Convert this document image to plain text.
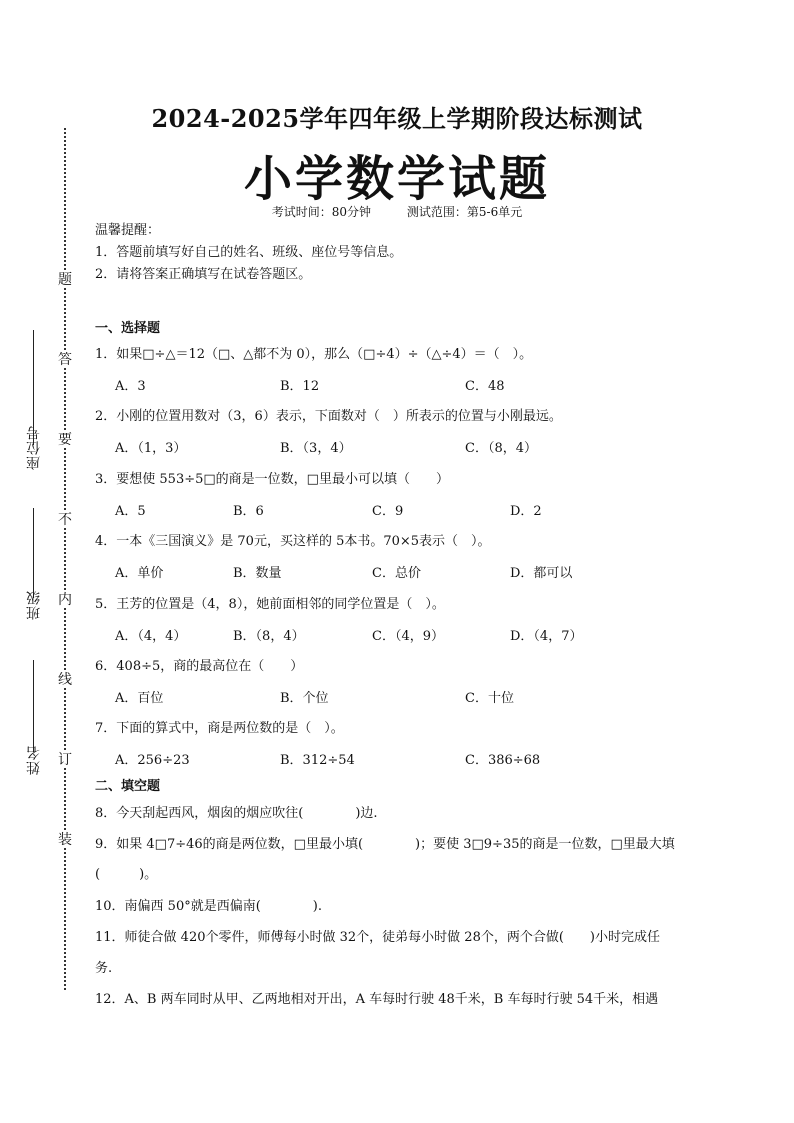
题
答
要
不
内
线
订
装
座位号
班级
姓名
2024-2025学年四年级上学期阶段达标测试
小学数学试题
考试时间：80分钟	测试范围：第5-6单元
温馨提醒：
1．答题前填写好自己的姓名、班级、座位号等信息。
2．请将答案正确填写在试卷答题区。
一、选择题
1．如果□÷△＝12（□、△都不为 0），那么（□÷4）÷（△÷4）＝（　）。
A．3	B．12	C．48
2．小刚的位置用数对（3，6）表示，下面数对（　）所表示的位置与小刚最远。
A．（1，3）	B．（3，4）	C．（8，4）
3．要想使 553÷5□的商是一位数，□里最小可以填（　　）
A．5	B．6	C．9	D．2
4．一本《三国演义》是 70元，买这样的 5本书。70×5表示（　）。
A．单价	B．数量	C．总价	D．都可以
5．王芳的位置是（4，8），她前面相邻的同学位置是（　）。
A．（4，4）	B．（8，4）	C．（4，9）	D．（4，7）
6．408÷5，商的最高位在（　　）
A．百位	B．个位	C．十位
7．下面的算式中，商是两位数的是（　）。
A．256÷23	B．312÷54	C．386÷68
二、填空题
8．今天刮起西风，烟囱的烟应吹往(　　　　)边.
9．如果 4□7÷46的商是两位数，□里最小填(　　　　)；要使 3□9÷35的商是一位数，□里最大填
(　　　)。
10．南偏西 50°就是西偏南(　　　　).
11．师徒合做 420个零件，师傅每小时做 32个，徒弟每小时做 28个，两个合做(　　)小时完成任
务.
12．A、B 两车同时从甲、乙两地相对开出，A 车每时行驶 48千米，B 车每时行驶 54千米，相遇
